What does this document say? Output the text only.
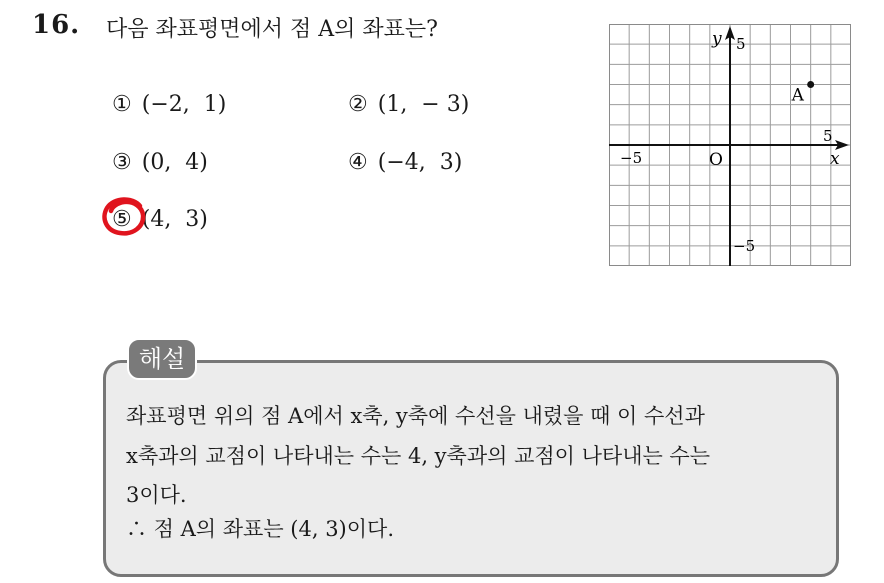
16. 다음 좌표평면에서 점 A의 좌표는?
① (−2,  1)	② (1,  − 3)
③ (0,  4)	④ (−4,  3)
⑤ (4,  3)
y 5
x
5
−5	O
−5
A
해설
좌표평면 위의 점 A에서 x축, y축에 수선을 내렸을 때 이 수선과
x축과의 교점이 나타내는 수는 4, y축과의 교점이 나타내는 수는
3이다.
∴ 점 A의 좌표는 (4, 3)이다.
